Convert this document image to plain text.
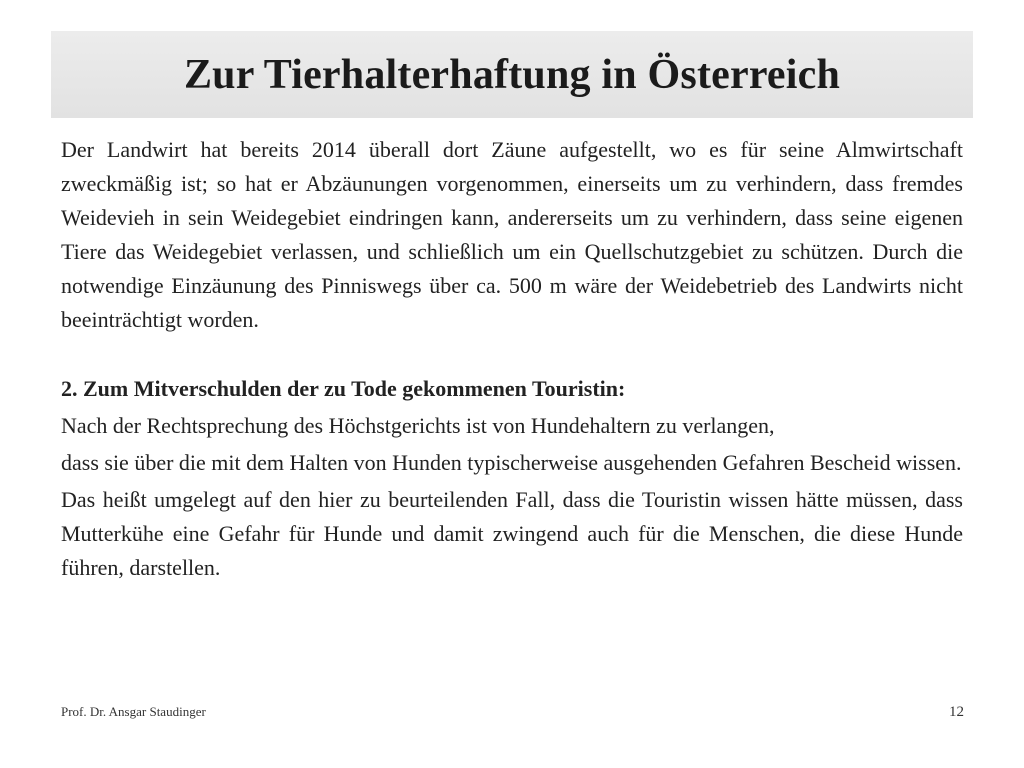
Zur Tierhalterhaftung in Österreich

Der Landwirt hat bereits 2014 überall dort Zäune aufgestellt, wo es für seine Almwirtschaft zweckmäßig ist; so hat er Abzäunungen vorgenommen, einerseits um zu verhindern, dass fremdes Weidevieh in sein Weidegebiet eindringen kann, andererseits um zu verhindern, dass seine eigenen Tiere das Weidegebiet verlassen, und schließlich um ein Quellschutzgebiet zu schützen. Durch die notwendige Einzäunung des Pinniswegs über ca. 500 m wäre der Weidebetrieb des Landwirts nicht beeinträchtigt worden.

2. Zum Mitverschulden der zu Tode gekommenen Touristin:

Nach der Rechtsprechung des Höchstgerichts ist von Hundehaltern zu verlangen,

dass sie über die mit dem Halten von Hunden typischerweise ausgehenden Gefahren Bescheid wissen.

Das heißt umgelegt auf den hier zu beurteilenden Fall, dass die Touristin wissen hätte müssen, dass Mutterkühe eine Gefahr für Hunde und damit zwingend auch für die Menschen, die diese Hunde führen, darstellen.

Prof. Dr. Ansgar Staudinger	12
